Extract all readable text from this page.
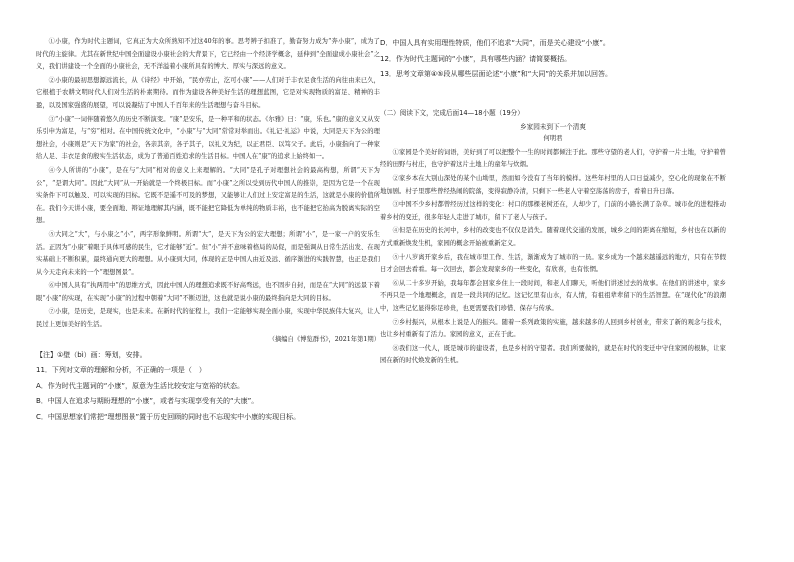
①小康，作为时代主题词，它真正为大众所熟知不过这40年的事。思考辨子扣准了，勤奋努力成为“奔小康”，成为了时代的主旋律。尤其在新世纪中国全面建设小康社会的大背景下，它已经由一个经济学概念，延伸到“全面建成小康社会”之义，我们讲建设一个全面的小康社会，无不洋溢着小康所具有的博大、厚实与深远的意义。

②小康的最初思想源远流长，从《诗经》中开始，“民亦劳止，汔可小康”——人们对于丰衣足食生活的向往由来已久，它根植于农耕文明时代人们对生活的朴素期待。而作为建设各种美好生活的理想蓝图，它是对实现物质的富足、精神的丰盈，以及国家强盛的展望，可以说凝结了中国人千百年来的生活理想与奋斗目标。

③“小康”一词伴随着悠久的历史不断演变。“康”是安乐，是一种平和的状态。《尔雅》曰：“康，乐也。”康的意义又从安乐引申为富足，与“穷”相对。在中国传统文化中，“小康”与“大同”常常对举而出。《礼记·礼运》中说，大同是天下为公的理想社会，小康则是“天下为家”的社会，各亲其亲，各子其子，以礼义为纪，以正君臣、以笃父子。此后，小康指向了一种家给人足、丰衣足食的殷实生活状态，成为了普通百姓追求的生活目标。中国人在“康”的追求上始终如一。

④今人所讲的“小康”，是在与“大同”相对的意义上来理解的。“大同”是孔子对理想社会的最高构想，所谓“天下为公”，“是谓大同”。因此“大同”从一开始就是一个终极目标。而“小康”之所以受到历代中国人的推崇，是因为它是一个在现实条件下可以触及、可以实现的目标。它既不是遥不可及的梦想，又能够让人们过上安定富足的生活，这就是小康的价值所在。我们今天讲小康，要全面地、辩证地理解其内涵，既不能把它降低为单纯的物质丰裕，也不能把它抬高为脱离实际的空想。

⑤大同之“大”，与小康之“小”，两字形象鲜明。所谓“大”，是天下为公的宏大理想；所谓“小”，是一家一户的安乐生活。正因为“小康”着眼于具体可感的民生，它才能够“近”。但“小”并不意味着格局的局促，而是强调从日常生活出发、在现实基础上不断积累，最终通向更大的理想。从小康到大同，体现的正是中国人由近及远、循序渐进的实践智慧，也正是我们从今天走向未来的一个“理想图景”。

⑥中国人具有“执两用中”的思维方式，因此中国人的理想追求既不好高骛远，也不固步自封，而是在“大同”的远景下着眼“小康”的实现，在实现“小康”的过程中朝着“大同”不断迈进，这也就是说小康的最终指向是大同的目标。

⑦小康，是历史，是现实，也是未来。在新时代的征程上，我们一定能够实现全面小康，实现中华民族伟大复兴，让人民过上更加美好的生活。

（摘编自《博览群书》，2021年第1期）

【注】①壁（bì）画：筹划，安排。

11．下列对文章的理解和分析，不正确的一项是（　）

A．作为时代主题词的“小康”，原意为生活比较安定与宽裕的状态。

B．中国人在追求与期盼理想的“小康”，或者与实现享受有关的“大康”。

C．中国思想家们常把“理想图景”置于历史回顾的同时也不忘现实中小康的实现目标。

D．中国人具有实用理性特质，他们不追求“大同”，而是关心建设“小康”。

12．作为时代主题词的“小康”，具有哪些内涵？请简要概括。

13．思考文章第④⑤段从哪些层面论述“小康”和“大同”的关系并加以回答。

（二）阅读下文，完成后面14—18小题（19分）

乡家园未到下一个清爽

何明君

①家园是个美好的词语，美好到了可以把整个一生的时间都倾注于此。那些守望的老人们，守护着一片土地，守护着曾经的田野与村庄，也守护着这片土地上的童年与炊烟。

②家乡本在大别山深处的某个山坳里，然而如今没有了当年的模样。这些年村里的人口日益减少，空心化的现象在不断地加剧。村子里那些曾经热闹的院落，变得寂静冷清，只剩下一些老人守着空荡荡的房子，看着日升日落。

③中国不少乡村都曾经历过这样的变化：村口的那棵老树还在，人却少了，门前的小路长满了杂草。城市化的进程推动着乡村的变迁，很多年轻人走进了城市，留下了老人与孩子。

④但是在历史的长河中，乡村的改变也不仅仅是消失。随着现代交通的发展，城乡之间的距离在缩短，乡村也在以新的方式重新焕发生机，家园的概念开始被重新定义。

⑤十八岁离开家乡后，我在城市里工作、生活，渐渐成为了城市的一员。家乡成为一个越来越遥远的地方，只有在节假日才会回去看看。每一次回去，都会发现家乡的一些变化，有欣喜，也有怅惘。

⑥从二十多岁开始，我每年都会回家乡住上一段时间，和老人们聊天，听他们讲述过去的故事。在他们的讲述中，家乡不再只是一个地理概念，而是一段共同的记忆。这记忆里有山水，有人情，有祖祖辈辈留下的生活智慧。在“现代化”的浪潮中，这些记忆显得弥足珍贵，也更需要我们珍惜、保存与传承。

⑦乡村振兴，从根本上说是人的振兴。随着一系列政策的实施，越来越多的人回到乡村创业，带来了新的观念与技术，也让乡村重新有了活力。家园的意义，正在于此。

⑧我们这一代人，既是城市的建设者，也是乡村的守望者。我们所要做的，就是在时代的变迁中守住家园的根脉，让家园在新的时代焕发新的生机。
